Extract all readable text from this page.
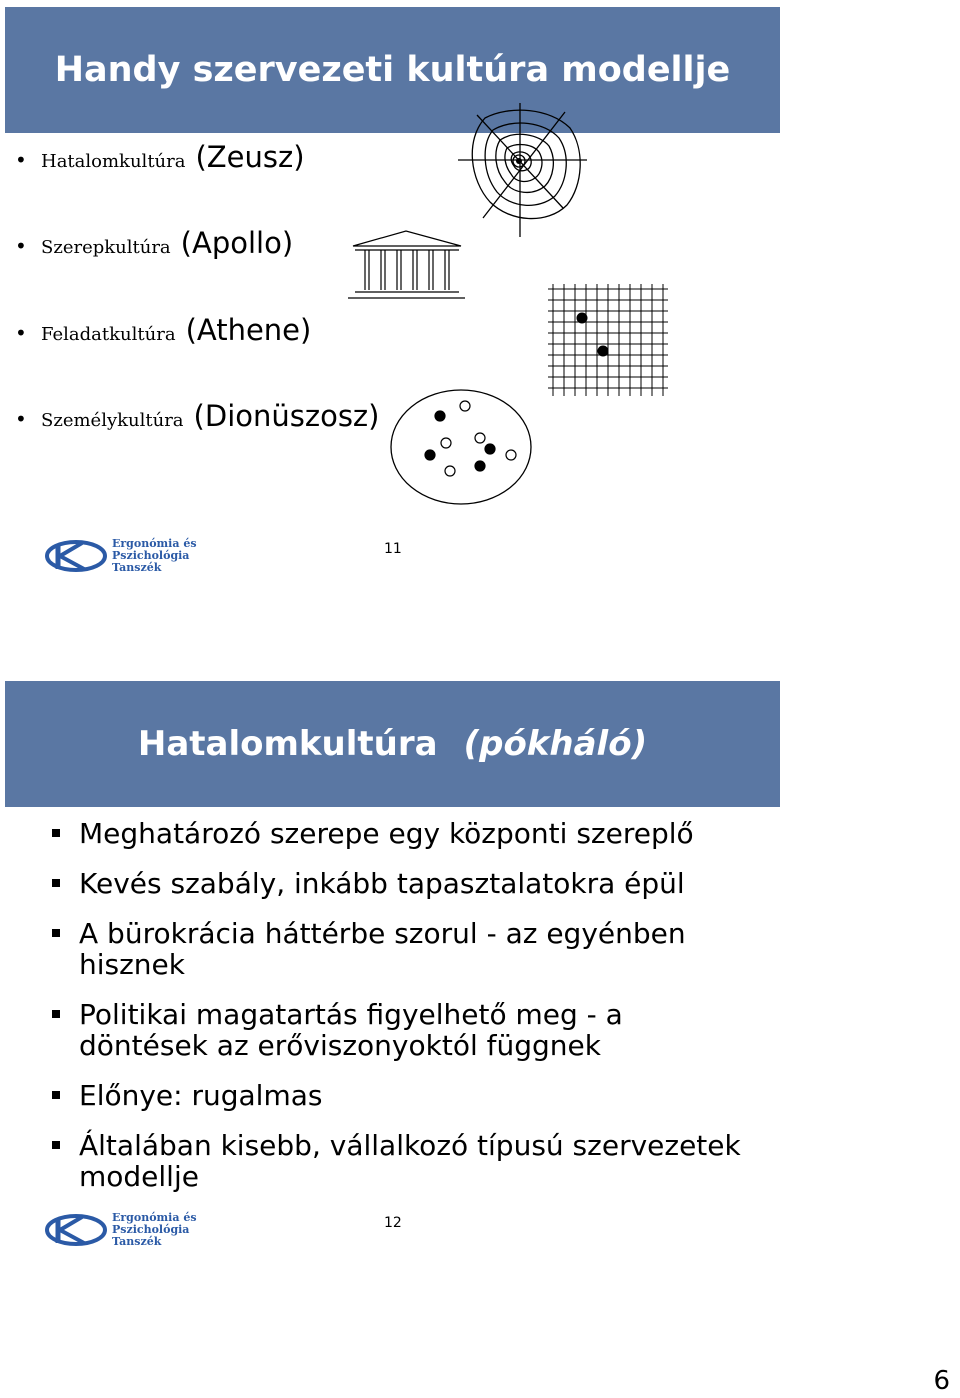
Handy szervezeti kultúra modellje
• Hatalomkultúra (Zeusz)
• Szerepkultúra (Apollo)
• Feladatkultúra (Athene)
• Személykultúra (Dionüszosz)
Ergonómia és
Pszichológia
Tanszék
11
Hatalomkultúra (pókháló)
Meghatározó szerepe egy központi szereplő
Kevés szabály, inkább tapasztalatokra épül
A bürokrácia háttérbe szorul - az egyénben hisznek
Politikai magatartás figyelhető meg - a döntések az erőviszonyoktól függnek
Előnye: rugalmas
Általában kisebb, vállalkozó típusú szervezetek modellje
Ergonómia és
Pszichológia
Tanszék
12
6
